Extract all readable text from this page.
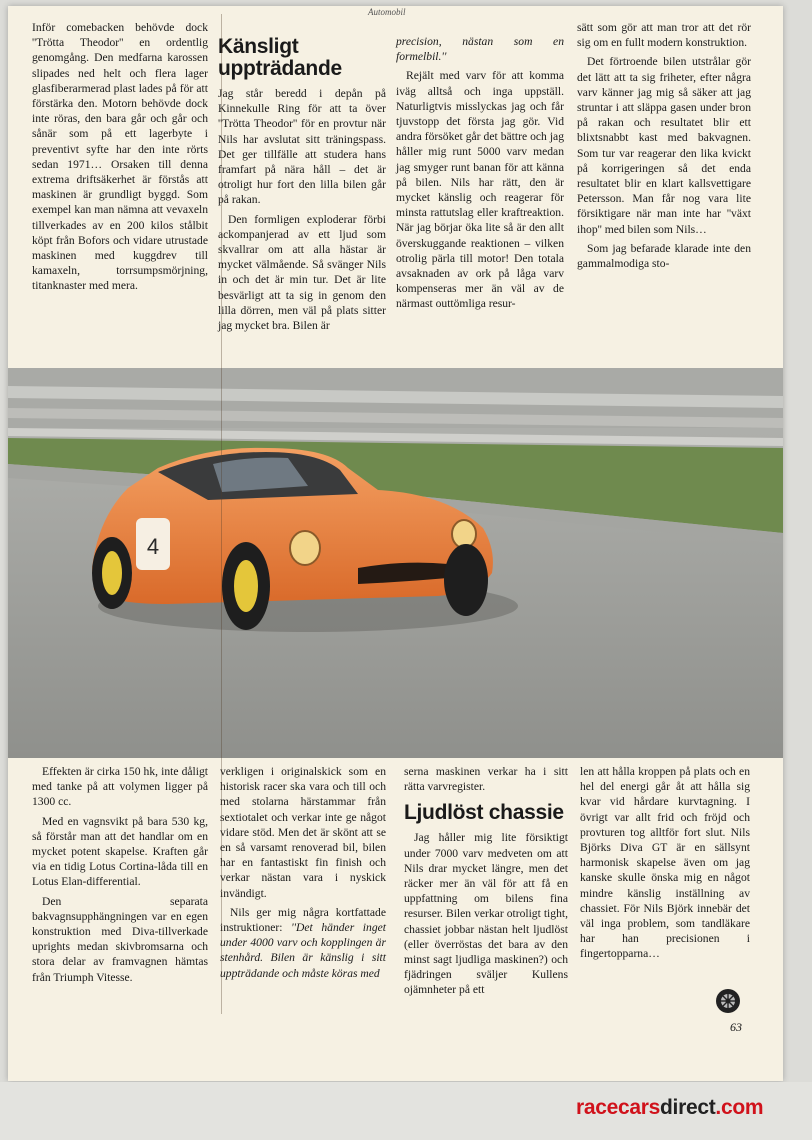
Automobil

Inför comebacken behövde dock ''Trötta Theodor'' en ordentlig genomgång. Den medfarna karossen slipades ned helt och flera lager glasfiberarmerad plast lades på för att förstärka den. Motorn behövde dock inte röras, den bara går och går och sånär som på ett lagerbyte i preventivt syfte har den inte rörts sedan 1971… Orsaken till denna extrema driftsäkerhet är förstås att maskinen är grundligt byggd. Som exempel kan man nämna att vevaxeln tillverkades av en 200 kilos stålbit köpt från Bofors och vidare utrustade maskinen med kuggdrev till kamaxeln, torrsumpsmörjning, titanknaster med mera.

Känsligt uppträdande

Jag står beredd i depån på Kinnekulle Ring för att ta över ''Trötta Theodor'' för en provtur när Nils har avslutat sitt träningspass. Det ger tillfälle att studera hans framfart på nära håll – det är otroligt hur fort den lilla bilen går på rakan.

Den formligen exploderar förbi ackompanjerad av ett ljud som skvallrar om att alla hästar är mycket välmående. Så svänger Nils in och det är min tur. Det är lite besvärligt att ta sig in genom den lilla dörren, men väl på plats sitter jag mycket bra. Bilen är

precision, nästan som en formelbil.''

Rejält med varv för att komma iväg alltså och inga uppställ. Naturligtvis misslyckas jag och får tjuvstopp det första jag gör. Vid andra försöket går det bättre och jag håller mig runt 5000 varv medan jag smyger runt banan för att känna på bilen. Nils har rätt, den är mycket känslig och reagerar för minsta rattutslag eller kraftreaktion. När jag börjar öka lite så är den allt överskuggande reaktionen – vilken otrolig pärla till motor! Den totala avsaknaden av ork på låga varv kompenseras mer än väl av de närmast outtömliga resur-

sätt som gör att man tror att det rör sig om en fullt modern konstruktion.

Det förtroende bilen utstrålar gör det lätt att ta sig friheter, efter några varv känner jag mig så säker att jag struntar i att släppa gasen under bron på rakan och resultatet blir ett blixtsnabbt kast med bakvagnen. Som tur var reagerar den lika kvickt på korrigeringen så det enda resultatet blir en klart kallsvettigare Petersson. Man får nog vara lite försiktigare när man inte har ''växt ihop'' med bilen som Nils…

Som jag befarade klarade inte den gammalmodiga sto-

4

Effekten är cirka 150 hk, inte dåligt med tanke på att volymen ligger på 1300 cc.

Med en vagnsvikt på bara 530 kg, så förstår man att det handlar om en mycket potent skapelse. Kraften går via en tidig Lotus Cortina-låda till en Lotus Elan-differential.

Den separata bakvagnsupphängningen var en egen konstruktion med Diva-tillverkade uprights medan skivbromsarna och stora delar av framvagnen hämtas från Triumph Vitesse.

verkligen i originalskick som en historisk racer ska vara och till och med stolarna härstammar från sextiotalet och verkar inte ge något vidare stöd. Men det är skönt att se en så varsamt renoverad bil, bilen har en fantastiskt fin finish och verkar nästan vara i nyskick invändigt.

Nils ger mig några kortfattade instruktioner: ''Det händer inget under 4000 varv och kopplingen är stenhård. Bilen är känslig i sitt uppträdande och måste köras med

serna maskinen verkar ha i sitt rätta varvregister.

Ljudlöst chassie

Jag håller mig lite försiktigt under 7000 varv medveten om att Nils drar mycket längre, men det räcker mer än väl för att få en uppfattning om bilens fina resurser. Bilen verkar otroligt tight, chassiet jobbar nästan helt ljudlöst (eller överröstas det bara av den minst sagt ljudliga maskinen?) och fjädringen sväljer Kullens ojämnheter på ett

len att hålla kroppen på plats och en hel del energi går åt att hålla sig kvar vid hårdare kurvtagning. I övrigt var allt frid och fröjd och provturen tog alltför fort slut. Nils Björks Diva GT är en sällsynt harmonisk skapelse även om jag kanske skulle önska mig en något mindre känslig inställning av chassiet. För Nils Björk innebär det väl inga problem, som tandläkare har han precisionen i fingertopparna…

63
racecarsdirect.com
